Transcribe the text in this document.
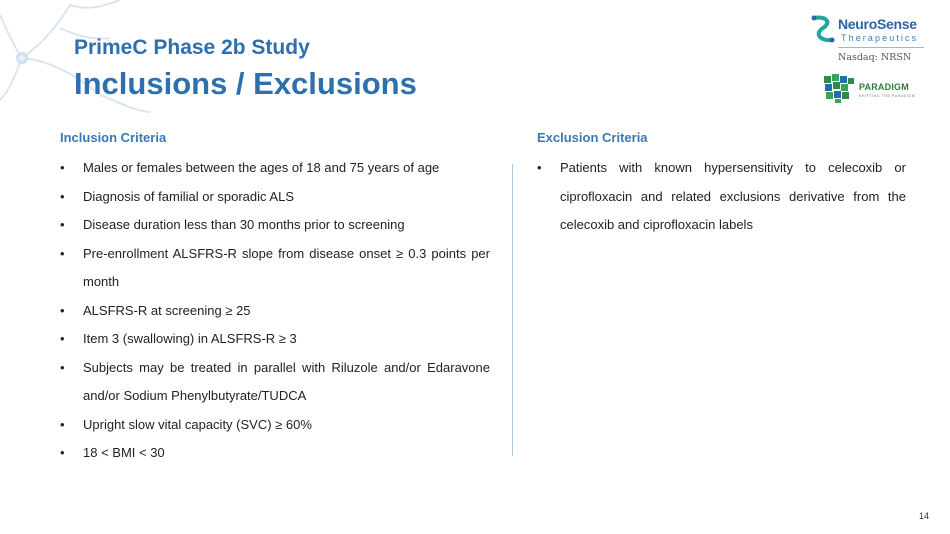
PrimeC Phase 2b Study
Inclusions / Exclusions
NeuroSense
Therapeutics
Nasdaq: NRSN
PARADIGM
SHIFTING THE PARADIGM
Inclusion Criteria
• Males or females between the ages of 18 and 75 years of age
• Diagnosis of familial or sporadic ALS
• Disease duration less than 30 months prior to screening
• Pre-enrollment ALSFRS-R slope from disease onset ≥ 0.3 points per month
• ALSFRS-R at screening ≥ 25
• Item 3 (swallowing) in ALSFRS-R ≥ 3
• Subjects may be treated in parallel with Riluzole and/or Edaravone and/or Sodium Phenylbutyrate/TUDCA
• Upright slow vital capacity (SVC) ≥ 60%
• 18 < BMI < 30
Exclusion Criteria
• Patients with known hypersensitivity to celecoxib or ciprofloxacin and related exclusions derivative from the celecoxib and ciprofloxacin labels
14
